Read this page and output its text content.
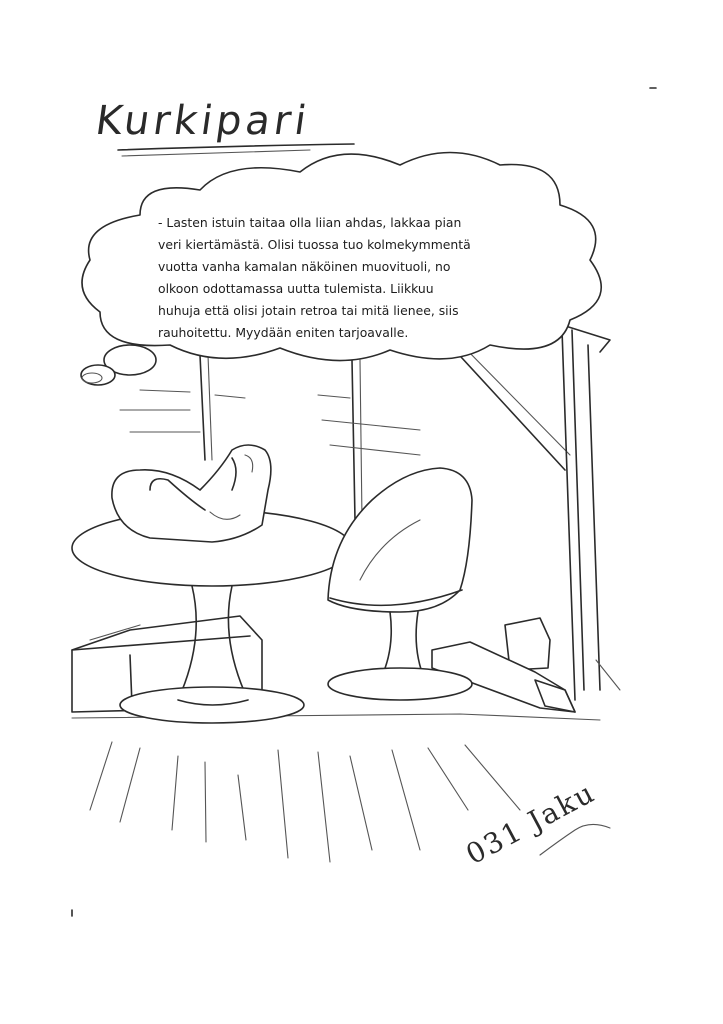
Kurkipari

- Lasten istuin taitaa olla liian ahdas, lakkaa pian

veri kiertämästä. Olisi tuossa tuo kolmekymmentä

vuotta vanha kamalan näköinen muovituoli, no

olkoon odottamassa uutta tulemista. Liikkuu

huhuja että olisi jotain retroa tai mitä lienee, siis

rauhoitettu. Myydään eniten tarjoavalle.

031 Jaku
